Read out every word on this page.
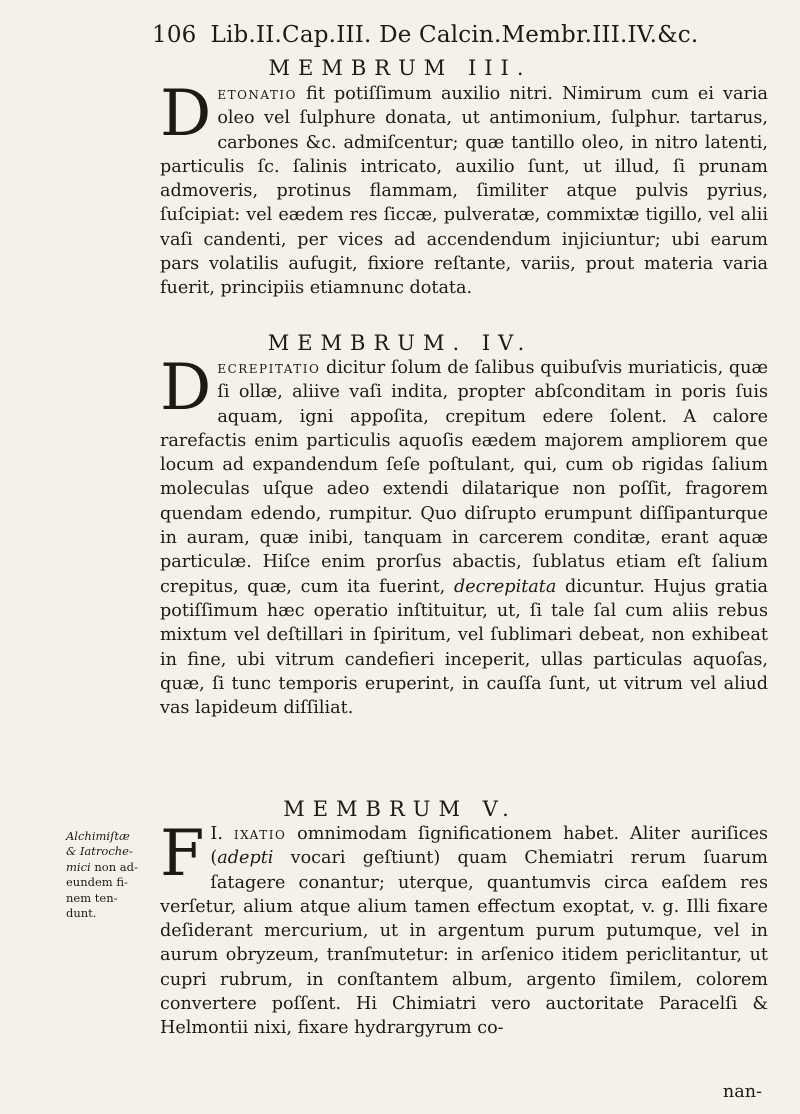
106 Lib.II.Cap.III. De Calcin.Membr.III.IV.&c.
MEMBRUM III.
Detonatio fit potiſſimum auxilio nitri. Nimirum cum ei varia oleo vel ſulphure donata, ut antimonium, ſulphur. tartarus, carbones &c. admiſcentur; quæ tantillo oleo, in nitro latenti, particulis ſc. ſalinis intricato, auxilio ſunt, ut illud, ſi prunam admoveris, protinus flammam, ſimiliter atque pulvis pyrius, ſuſcipiat: vel eædem res ſiccæ, pulveratæ, commixtæ tigillo, vel alii vaſi candenti, per vices ad accendendum injiciuntur; ubi earum pars volatilis aufugit, fixiore reſtante, variis, prout materia varia fuerit, principiis etiamnunc dotata.
MEMBRUM. IV.
Decrepitatio dicitur ſolum de ſalibus quibuſvis muriaticis, quæ ſi ollæ, aliive vaſi indita, propter abſconditam in poris ſuis aquam, igni appoſita, crepitum edere ſolent. A calore rarefactis enim particulis aquoſis eædem majorem ampliorem que locum ad expandendum ſeſe poſtulant, qui, cum ob rigidas ſalium moleculas uſque adeo extendi dilatarique non poſſit, fragorem quendam edendo, rumpitur. Quo diſrupto erumpunt diſſipanturque in auram, quæ inibi, tanquam in carcerem conditæ, erant aquæ particulæ. Hiſce enim prorſus abactis, ſublatus etiam eſt ſalium crepitus, quæ, cum ita fuerint, decrepitata dicuntur. Hujus gratia potiſſimum hæc operatio inſtituitur, ut, ſi tale ſal cum aliis rebus mixtum vel deſtillari in ſpiritum, vel ſublimari debeat, non exhibeat in fine, ubi vitrum candefieri inceperit, ullas particulas aquoſas, quæ, ſi tunc temporis eruperint, in cauſſa ſunt, ut vitrum vel aliud vas lapideum diſſiliat.
MEMBRUM V.
I.
F ixatio omnimodam ſignificationem habet. Aliter auriſices (adepti vocari geſtiunt) quam Chemiatri rerum ſuarum ſatagere conantur; uterque, quantumvis circa eaſdem res verſetur, alium atque alium tamen effectum exoptat, v. g. Illi fixare deſiderant mercurium, ut in argentum purum putumque, vel in aurum obryzeum, tranſmutetur: in arſenico itidem periclitantur, ut cupri rubrum, in conſtantem album, argento ſimilem, colorem convertere poſſent. Hi Chimiatri vero auctoritate Paracelſi & Helmontii nixi, fixare hydrargyrum co-
Alchimiſtæ
& Iatroche-
mici non ad-
eundem fi-
nem ten-
dunt.
nan-
